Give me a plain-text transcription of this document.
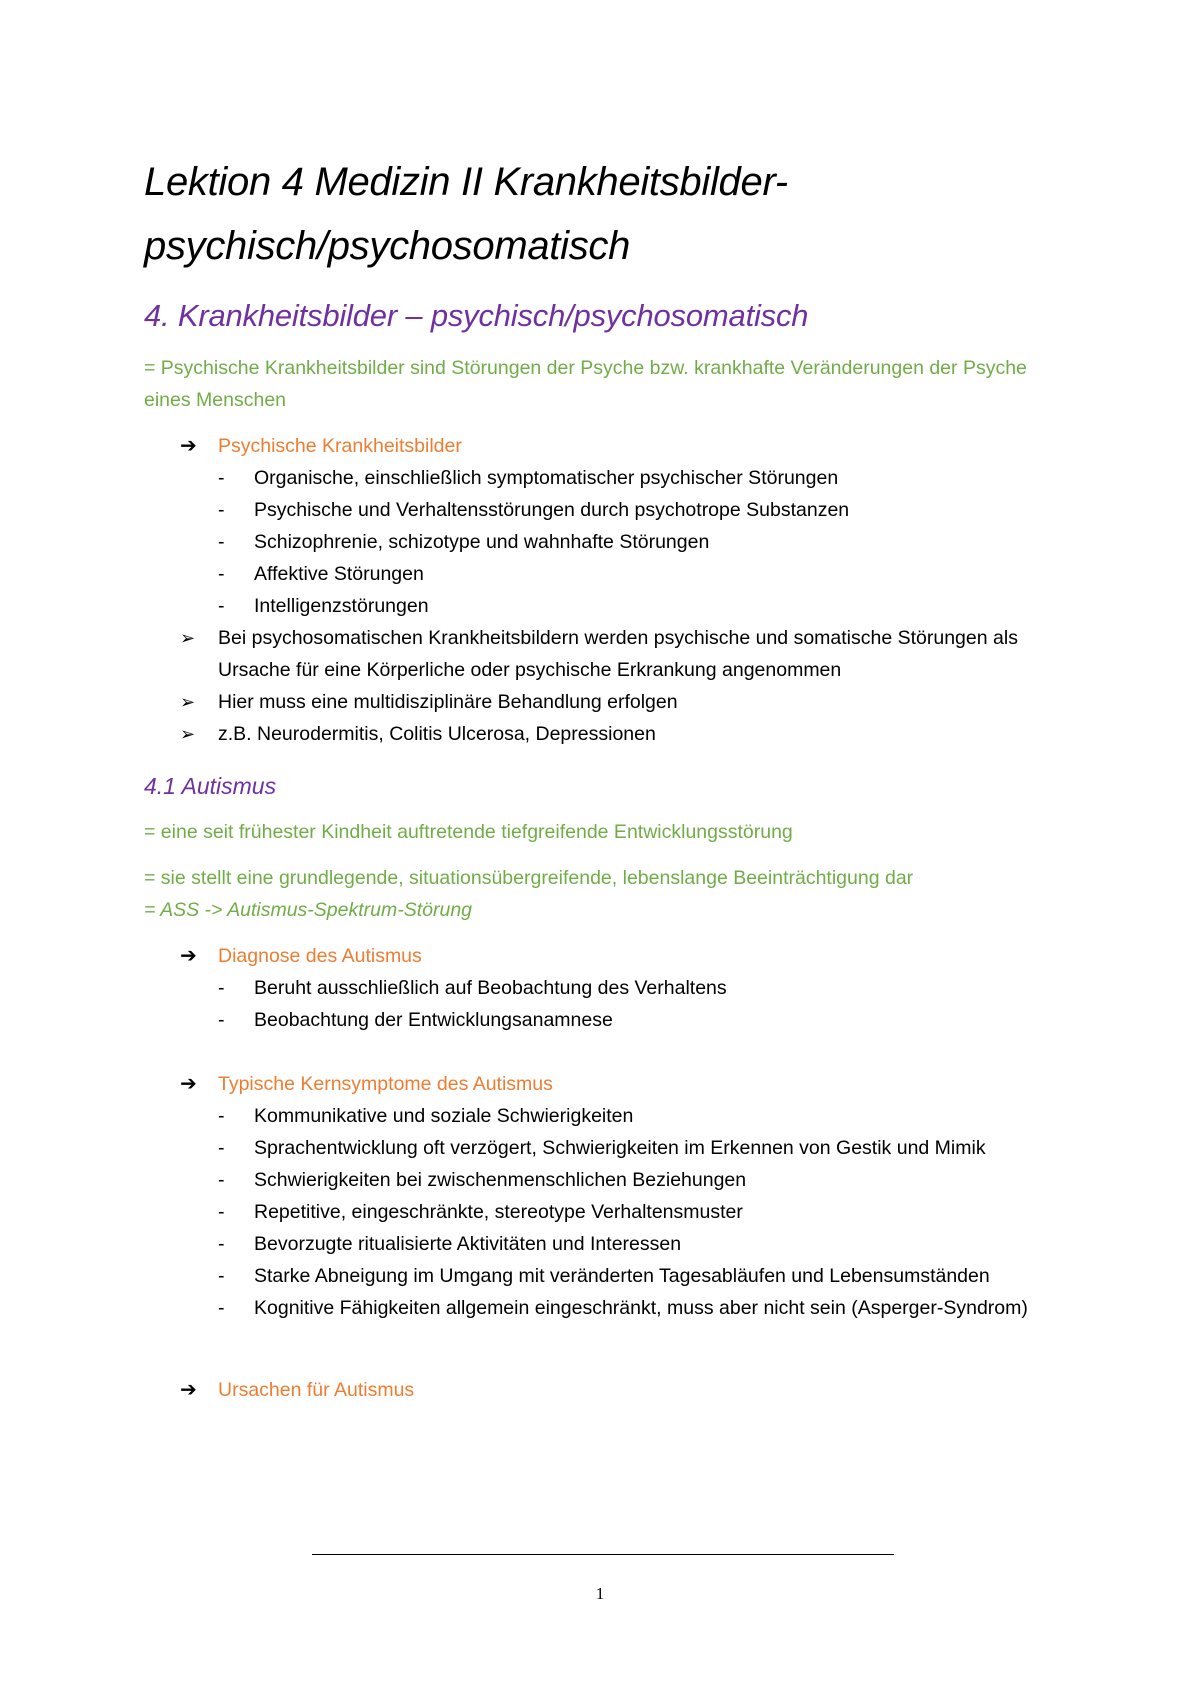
Lektion 4 Medizin II Krankheitsbilder-
psychisch/psychosomatisch
4. Krankheitsbilder – psychisch/psychosomatisch

= Psychische Krankheitsbilder sind Störungen der Psyche bzw. krankhafte Veränderungen der Psyche eines Menschen

➔	Psychische Krankheitsbilder
- Organische, einschließlich symptomatischer psychischer Störungen
- Psychische und Verhaltensstörungen durch psychotrope Substanzen
- Schizophrenie, schizotype und wahnhafte Störungen
- Affektive Störungen
- Intelligenzstörungen
➢ Bei psychosomatischen Krankheitsbildern werden psychische und somatische Störungen als Ursache für eine Körperliche oder psychische Erkrankung angenommen
➢ Hier muss eine multidisziplinäre Behandlung erfolgen
➢ z.B. Neurodermitis, Colitis Ulcerosa, Depressionen
4.1 Autismus

= eine seit frühester Kindheit auftretende tiefgreifende Entwicklungsstörung

= sie stellt eine grundlegende, situationsübergreifende, lebenslange Beeinträchtigung dar

= ASS -> Autismus-Spektrum-Störung

➔	Diagnose des Autismus
- Beruht ausschließlich auf Beobachtung des Verhaltens
- Beobachtung der Entwicklungsanamnese
➔	Typische Kernsymptome des Autismus
- Kommunikative und soziale Schwierigkeiten
- Sprachentwicklung oft verzögert, Schwierigkeiten im Erkennen von Gestik und Mimik
- Schwierigkeiten bei zwischenmenschlichen Beziehungen
- Repetitive, eingeschränkte, stereotype Verhaltensmuster
- Bevorzugte ritualisierte Aktivitäten und Interessen
- Starke Abneigung im Umgang mit veränderten Tagesabläufen und Lebensumständen
- Kognitive Fähigkeiten allgemein eingeschränkt, muss aber nicht sein (Asperger-Syndrom)
➔	Ursachen für Autismus
1
